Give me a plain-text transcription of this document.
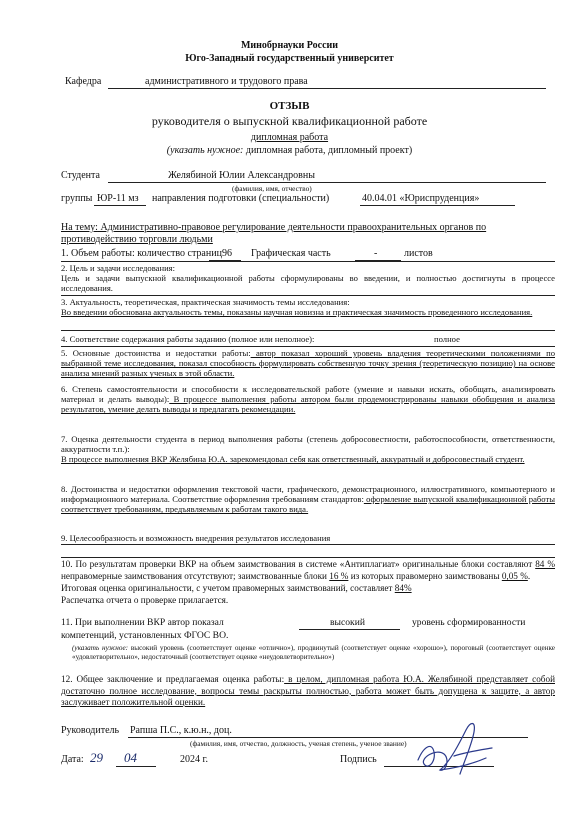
Минобрнауки России
Юго-Западный государственный университет
Кафедра	административного и трудового права
ОТЗЫВ
руководителя о выпускной квалификационной работе
дипломная работа
(указать нужное: дипломная работа, дипломный проект)
Студента	Желябиной Юлии Александровны
(фамилия, имя, отчество)
группы ЮР-11 мз направления подготовки (специальности)	40.04.01 «Юриспруденция»
На тему: Административно-правовое регулирование деятельности правоохранительных органов по
противодействию торговли людьми
1. Объем работы: количество страниц 96 Графическая часть	-	листов
2. Цель и задачи исследования:
Цель и задачи выпускной квалификационной работы сформулированы во введении, и полностью достигнуты в процессе исследования.
3. Актуальность, теоретическая, практическая значимость темы исследования:
Во введении обоснована актуальность темы, показаны научная новизна и практическая значимость проведенного исследования.
4. Соответствие содержания работы заданию (полное или неполное):	полное
5. Основные достоинства и недостатки работы: автор показал хороший уровень владения теоретическими положениями по выбранной теме исследования, показал способность формулировать собственную точку зрения (теоретическую позицию) на основе анализа мнений разных ученых в этой области.
6. Степень самостоятельности и способности к исследовательской работе (умение и навыки искать, обобщать, анализировать материал и делать выводы): В процессе выполнения работы автором были продемонстрированы навыки обобщения и анализа результатов, умение делать выводы и предлагать рекомендации.
7. Оценка деятельности студента в период выполнения работы (степень добросовестности, работоспособности, ответственности, аккуратности т.п.):
В процессе выполнения ВКР Желябина Ю.А. зарекомендовал себя как ответственный, аккуратный и добросовестный студент.
8. Достоинства и недостатки оформления текстовой части, графического, демонстрационного, иллюстративного, компьютерного и информационного материала. Соответствие оформления требованиям стандартов: оформление выпускной квалификационной работы соответствует требованиям, предъявляемым к работам такого вида.
9. Целесообразность и возможность внедрения результатов исследования
10. По результатам проверки ВКР на объем заимствования в системе «Антиплагиат» оригинальные блоки составляют 84 % неправомерные заимствования отсутствуют; заимствованные блоки 16 % из которых правомерно заимствованы 0,05 %.
Итоговая оценка оригинальности, с учетом правомерных заимствований, составляет 84%
Распечатка отчета о проверке прилагается.
11. При выполнении ВКР автор показал	высокий	уровень сформированности
компетенций, установленных ФГОС ВО.
(указать нужное: высокий уровень (соответствует оценке «отлично»), продвинутый (соответствует оценке «хорошо»), пороговый (соответствует оценке «удовлетворительно», недостаточный (соответствует оценке «неудовлетворительно»)
12. Общее заключение и предлагаемая оценка работы: в целом, дипломная работа Ю.А. Желябиной представляет собой достаточно полное исследование, вопросы темы раскрыты полностью, работа может быть допущена к защите, а автор заслуживает положительной оценки.
Руководитель Рапша П.С., к.ю.н., доц.
(фамилия, имя, отчество, должность, ученая степень, ученое звание)
Дата: 29 04	2024 г.	Подпись
